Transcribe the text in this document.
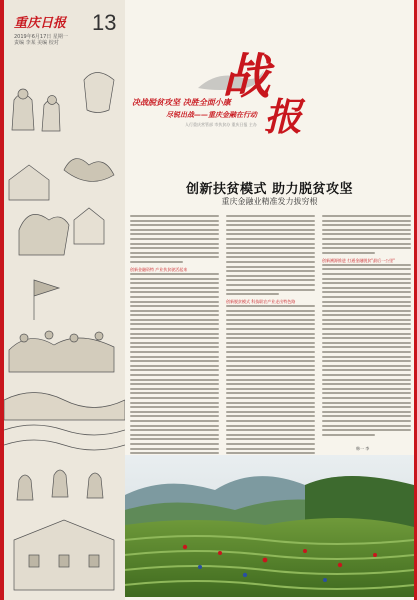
重庆日报 13
2019年6月17日 星期一
责编 李某 美编 校对
战
报
决战脱贫攻坚 决胜全面小康
尽锐出战——重庆金融在行动
人行重庆营管部 市扶贫办 重庆日报 主办
创新扶贫模式 助力脱贫攻坚
重庆金融业精准发力拔穷根
创新金融资特 产业扶贫驶活起来
创新脱贫模式 科技联农产业走出特色路
创新溯源推进 打通金融脱贫"最后一公里"
韩一 李
